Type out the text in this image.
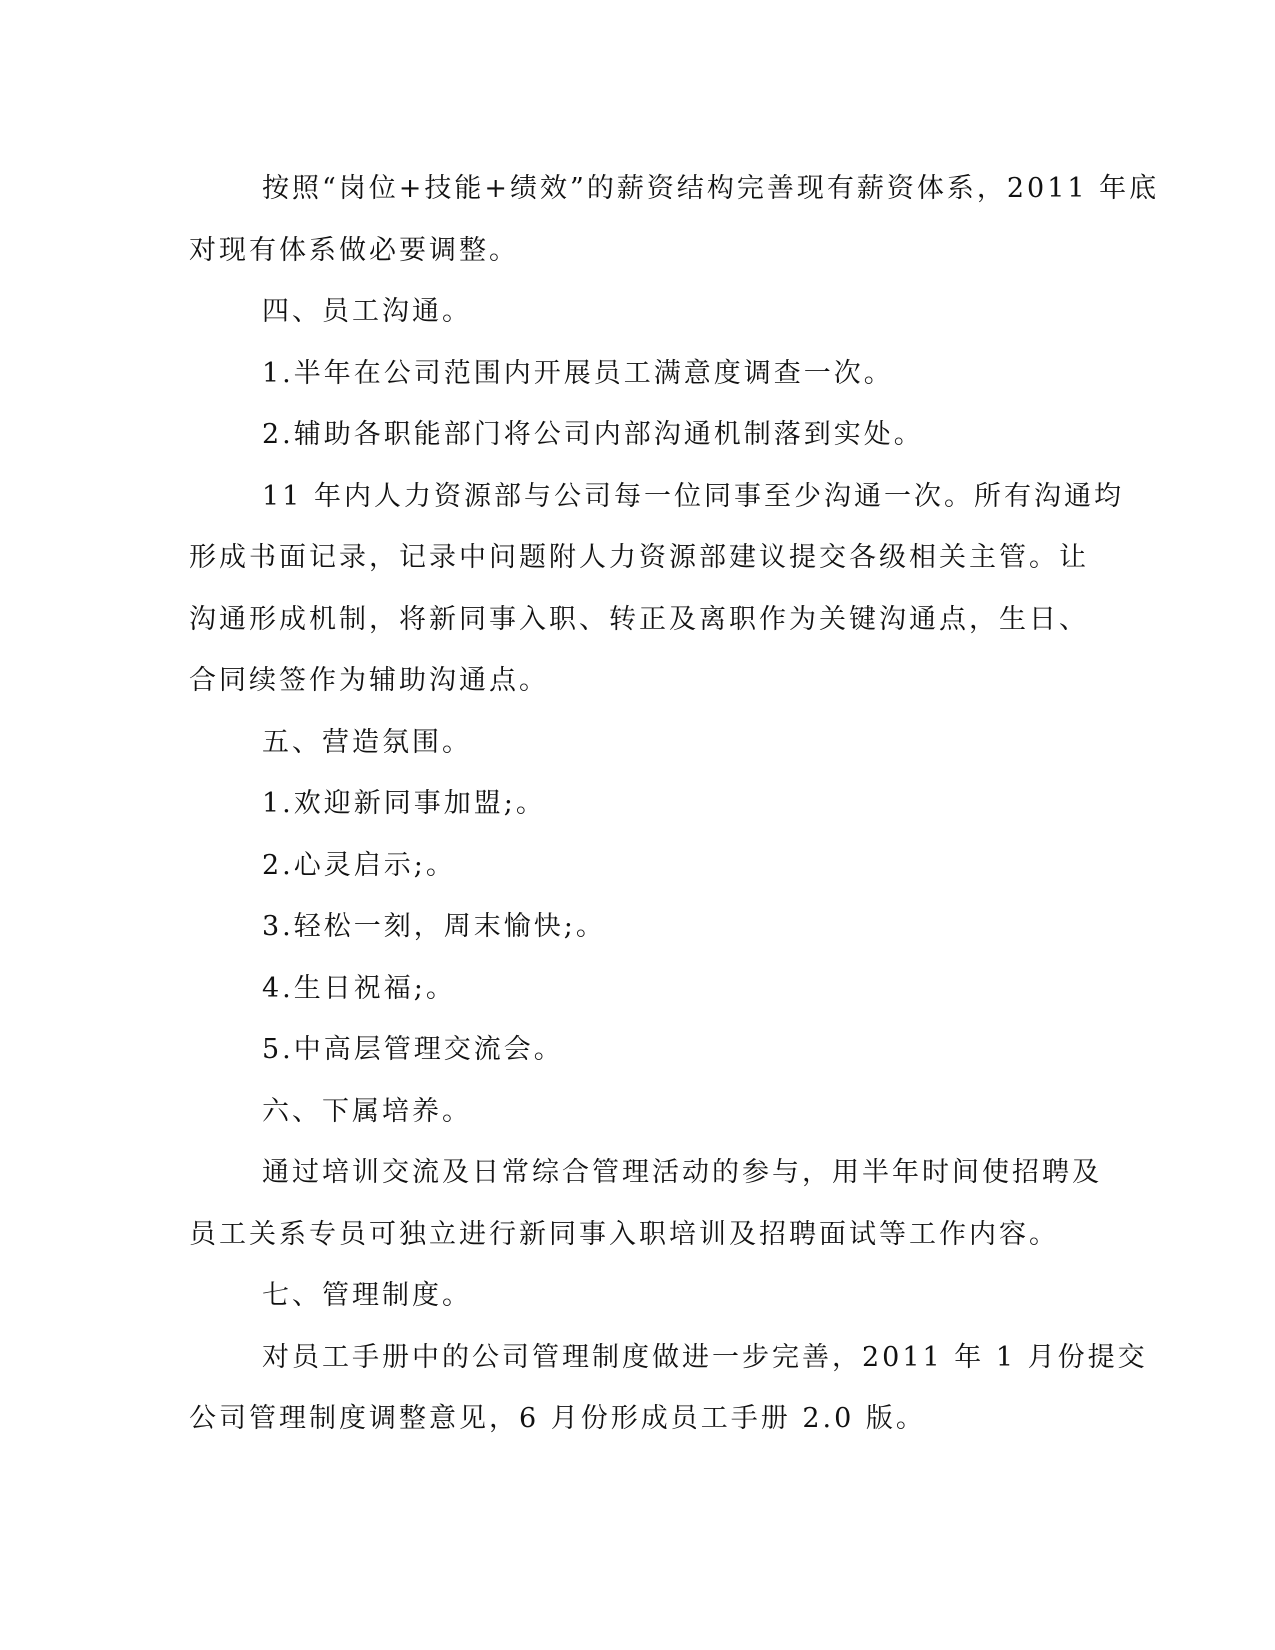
按照“岗位+技能+绩效”的薪资结构完善现有薪资体系，2011 年底
对现有体系做必要调整。
四、员工沟通。
1.半年在公司范围内开展员工满意度调查一次。
2.辅助各职能部门将公司内部沟通机制落到实处。
11 年内人力资源部与公司每一位同事至少沟通一次。所有沟通均
形成书面记录，记录中问题附人力资源部建议提交各级相关主管。让
沟通形成机制，将新同事入职、转正及离职作为关键沟通点，生日、
合同续签作为辅助沟通点。
五、营造氛围。
1.欢迎新同事加盟;。
2.心灵启示;。
3.轻松一刻，周末愉快;。
4.生日祝福;。
5.中高层管理交流会。
六、下属培养。
通过培训交流及日常综合管理活动的参与，用半年时间使招聘及
员工关系专员可独立进行新同事入职培训及招聘面试等工作内容。
七、管理制度。
对员工手册中的公司管理制度做进一步完善，2011 年 1 月份提交
公司管理制度调整意见，6 月份形成员工手册 2.0 版。
